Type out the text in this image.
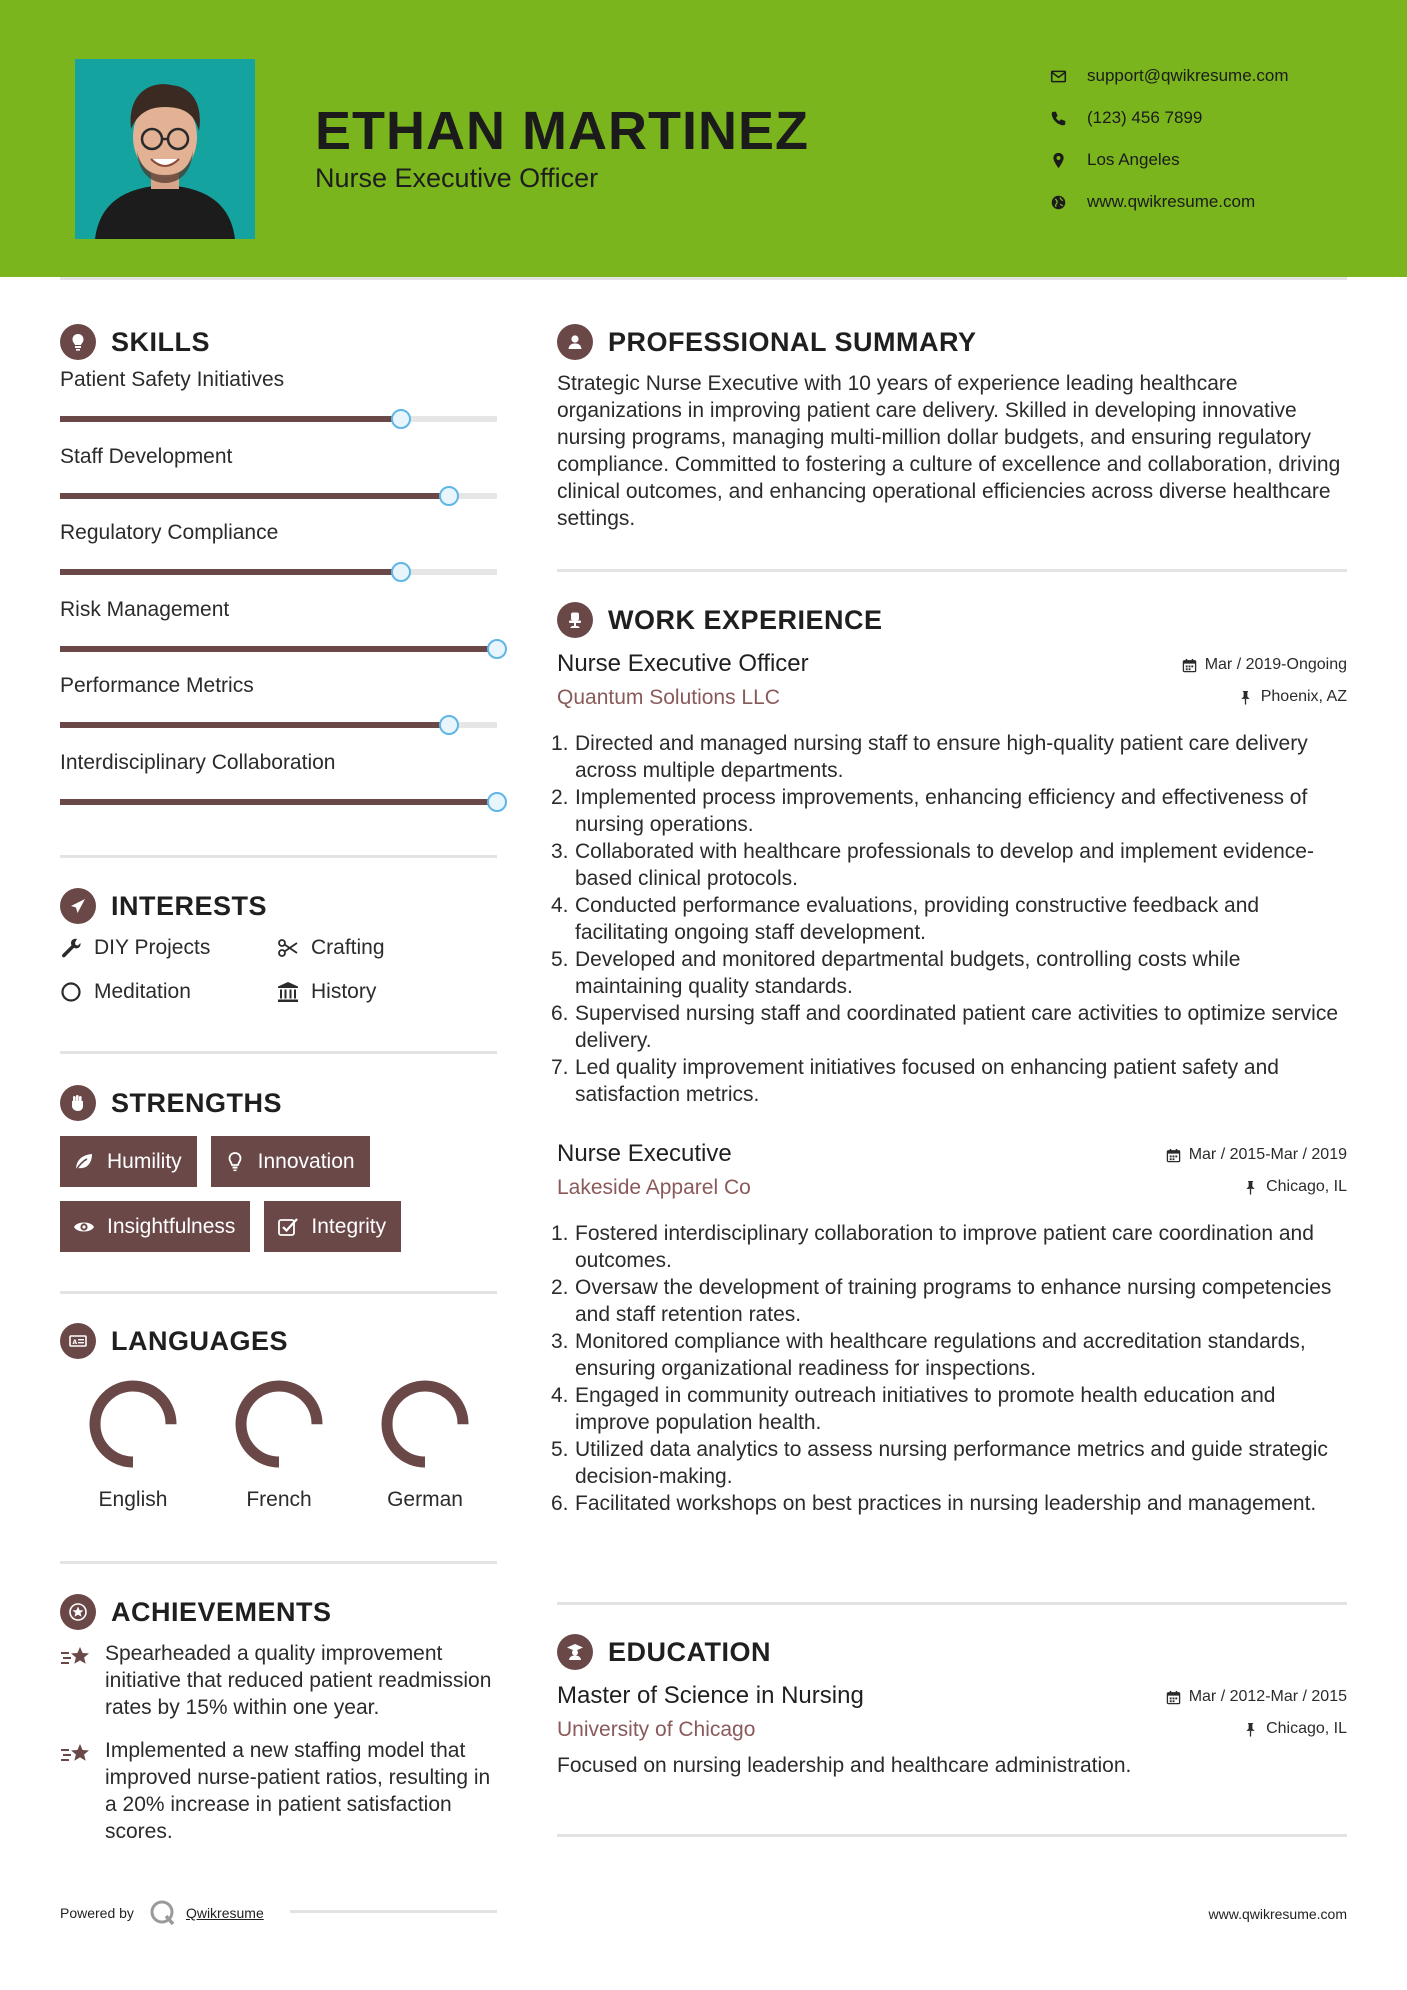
ETHAN MARTINEZ
Nurse Executive Officer
support@qwikresume.com
(123) 456 7899
Los Angeles
www.qwikresume.com
SKILLS
Patient Safety Initiatives
Staff Development
Regulatory Compliance
Risk Management
Performance Metrics
Interdisciplinary Collaboration
INTERESTS
DIY Projects	Crafting
Meditation	History
STRENGTHS
Humility	Innovation
Insightfulness	Integrity
A LANGUAGES
English	French	German
ACHIEVEMENTS
Spearheaded a quality improvement initiative that reduced patient readmission rates by 15% within one year.
Implemented a new staffing model that improved nurse-patient ratios, resulting in a 20% increase in patient satisfaction scores.
PROFESSIONAL SUMMARY
Strategic Nurse Executive with 10 years of experience leading healthcare organizations in improving patient care delivery. Skilled in developing innovative nursing programs, managing multi-million dollar budgets, and ensuring regulatory compliance. Committed to fostering a culture of excellence and collaboration, driving clinical outcomes, and enhancing operational efficiencies across diverse healthcare settings.
WORK EXPERIENCE
Nurse Executive Officer
Quantum Solutions LLC
Mar / 2019-Ongoing
Phoenix, AZ
1. Directed and managed nursing staff to ensure high-quality patient care delivery across multiple departments.
2. Implemented process improvements, enhancing efficiency and effectiveness of nursing operations.
3. Collaborated with healthcare professionals to develop and implement evidence-based clinical protocols.
4. Conducted performance evaluations, providing constructive feedback and facilitating ongoing staff development.
5. Developed and monitored departmental budgets, controlling costs while maintaining quality standards.
6. Supervised nursing staff and coordinated patient care activities to optimize service delivery.
7. Led quality improvement initiatives focused on enhancing patient safety and satisfaction metrics.
Nurse Executive
Lakeside Apparel Co
Mar / 2015-Mar / 2019
Chicago, IL
1. Fostered interdisciplinary collaboration to improve patient care coordination and outcomes.
2. Oversaw the development of training programs to enhance nursing competencies and staff retention rates.
3. Monitored compliance with healthcare regulations and accreditation standards, ensuring organizational readiness for inspections.
4. Engaged in community outreach initiatives to promote health education and improve population health.
5. Utilized data analytics to assess nursing performance metrics and guide strategic decision-making.
6. Facilitated workshops on best practices in nursing leadership and management.
EDUCATION
Master of Science in Nursing
University of Chicago
Mar / 2012-Mar / 2015
Chicago, IL
Focused on nursing leadership and healthcare administration.
Powered by	Qwikresume	www.qwikresume.com
